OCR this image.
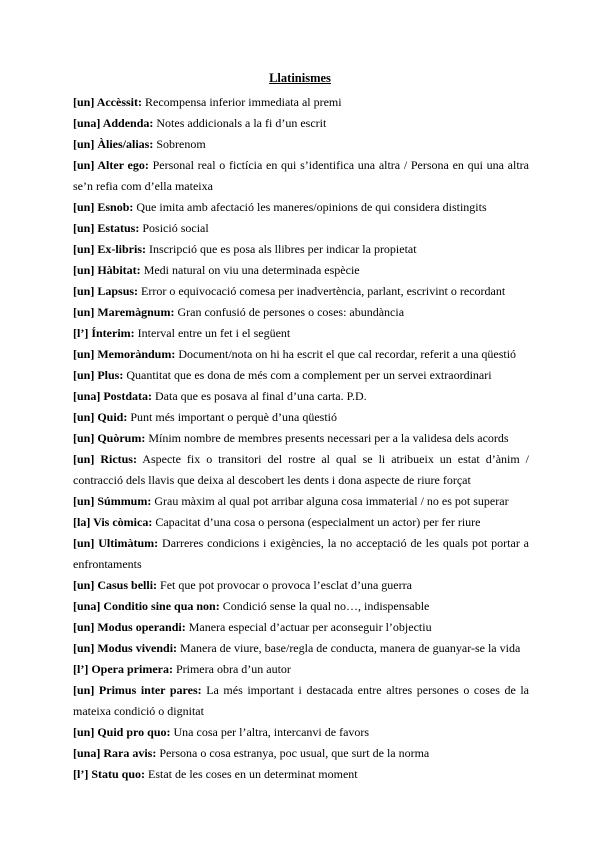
Llatinismes

[un] Accèssit: Recompensa inferior immediata al premi

[una] Addenda: Notes addicionals a la fi d’un escrit

[un] Àlies/alias: Sobrenom

[un] Alter ego: Personal real o fictícia en qui s’identifica una altra / Persona en qui una altra se’n refia com d’ella mateixa

[un] Esnob: Que imita amb afectació les maneres/opinions de qui considera distingits

[un] Estatus: Posició social

[un] Ex-libris: Inscripció que es posa als llibres per indicar la propietat

[un] Hàbitat: Medi natural on viu una determinada espècie

[un] Lapsus: Error o equivocació comesa per inadvertència, parlant, escrivint o recordant

[un] Maremàgnum: Gran confusió de persones o coses: abundància

[l’] Ínterim: Interval entre un fet i el següent

[un] Memoràndum: Document/nota on hi ha escrit el que cal recordar, referit a una qüestió

[un] Plus: Quantitat que es dona de més com a complement per un servei extraordinari

[una] Postdata: Data que es posava al final d’una carta. P.D.

[un] Quid: Punt més important o perquè d’una qüestió

[un] Quòrum: Mínim nombre de membres presents necessari per a la validesa dels acords

[un] Rictus: Aspecte fix o transitori del rostre al qual se li atribueix un estat d’ànim / contracció dels llavis que deixa al descobert les dents i dona aspecte de riure forçat

[un] Súmmum: Grau màxim al qual pot arribar alguna cosa immaterial / no es pot superar

[la] Vis còmica: Capacitat d’una cosa o persona (especialment un actor) per fer riure

[un] Ultimàtum: Darreres condicions i exigències, la no acceptació de les quals pot portar a enfrontaments

[un] Casus belli: Fet que pot provocar o provoca l’esclat d’una guerra

[una] Conditio sine qua non: Condició sense la qual no…, indispensable

[un] Modus operandi: Manera especial d’actuar per aconseguir l’objectiu

[un] Modus vivendi: Manera de viure, base/regla de conducta, manera de guanyar-se la vida

[l’] Opera primera: Primera obra d’un autor

[un] Primus inter pares: La més important i destacada entre altres persones o coses de la mateixa condició o dignitat

[un] Quid pro quo: Una cosa per l’altra, intercanvi de favors

[una] Rara avis: Persona o cosa estranya, poc usual, que surt de la norma

[l’] Statu quo: Estat de les coses en un determinat moment
